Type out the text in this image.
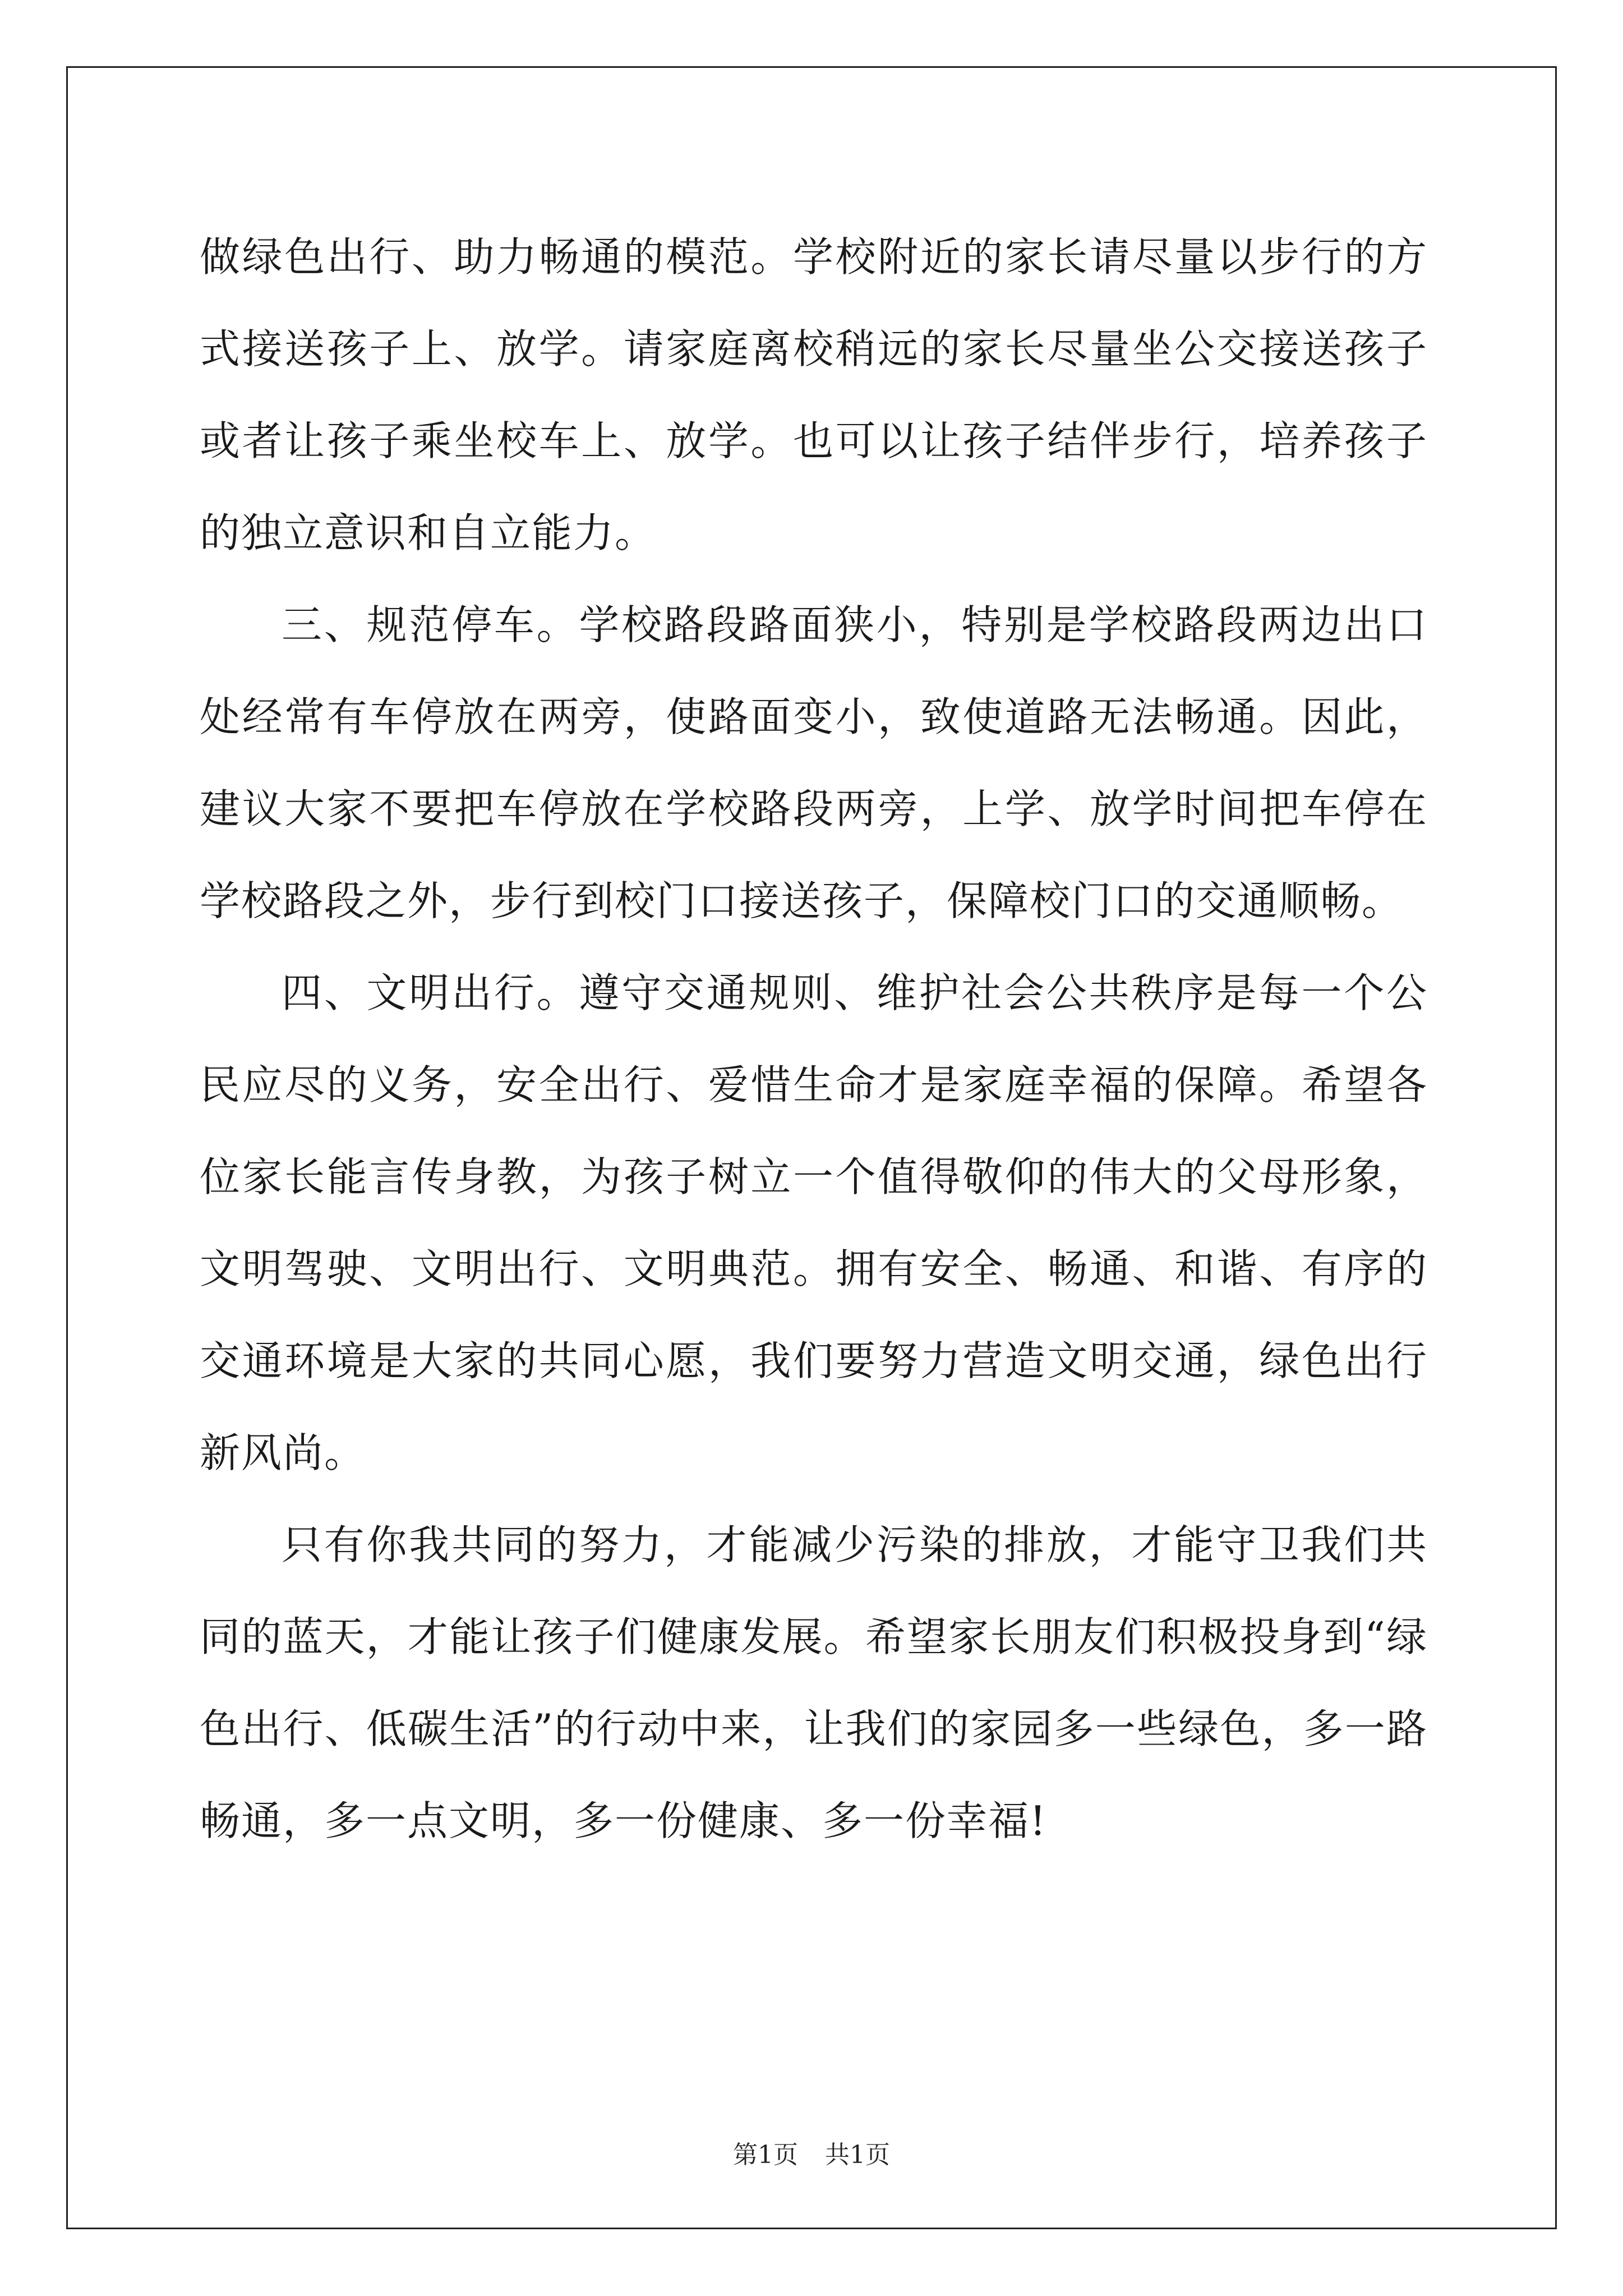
做绿色出行、助力畅通的模范。学校附近的家长请尽量以步行的方式接送孩子上、放学。请家庭离校稍远的家长尽量坐公交接送孩子或者让孩子乘坐校车上、放学。也可以让孩子结伴步行，培养孩子的独立意识和自立能力。

三、规范停车。学校路段路面狭小，特别是学校路段两边出口处经常有车停放在两旁，使路面变小，致使道路无法畅通。因此，建议大家不要把车停放在学校路段两旁，上学、放学时间把车停在学校路段之外，步行到校门口接送孩子，保障校门口的交通顺畅。

四、文明出行。遵守交通规则、维护社会公共秩序是每一个公民应尽的义务，安全出行、爱惜生命才是家庭幸福的保障。希望各位家长能言传身教，为孩子树立一个值得敬仰的伟大的父母形象，文明驾驶、文明出行、文明典范。拥有安全、畅通、和谐、有序的交通环境是大家的共同心愿，我们要努力营造文明交通，绿色出行新风尚。

只有你我共同的努力，才能减少污染的排放，才能守卫我们共同的蓝天，才能让孩子们健康发展。希望家长朋友们积极投身到“绿色出行、低碳生活”的行动中来，让我们的家园多一些绿色，多一路畅通，多一点文明，多一份健康、多一份幸福!

第1页 共1页
